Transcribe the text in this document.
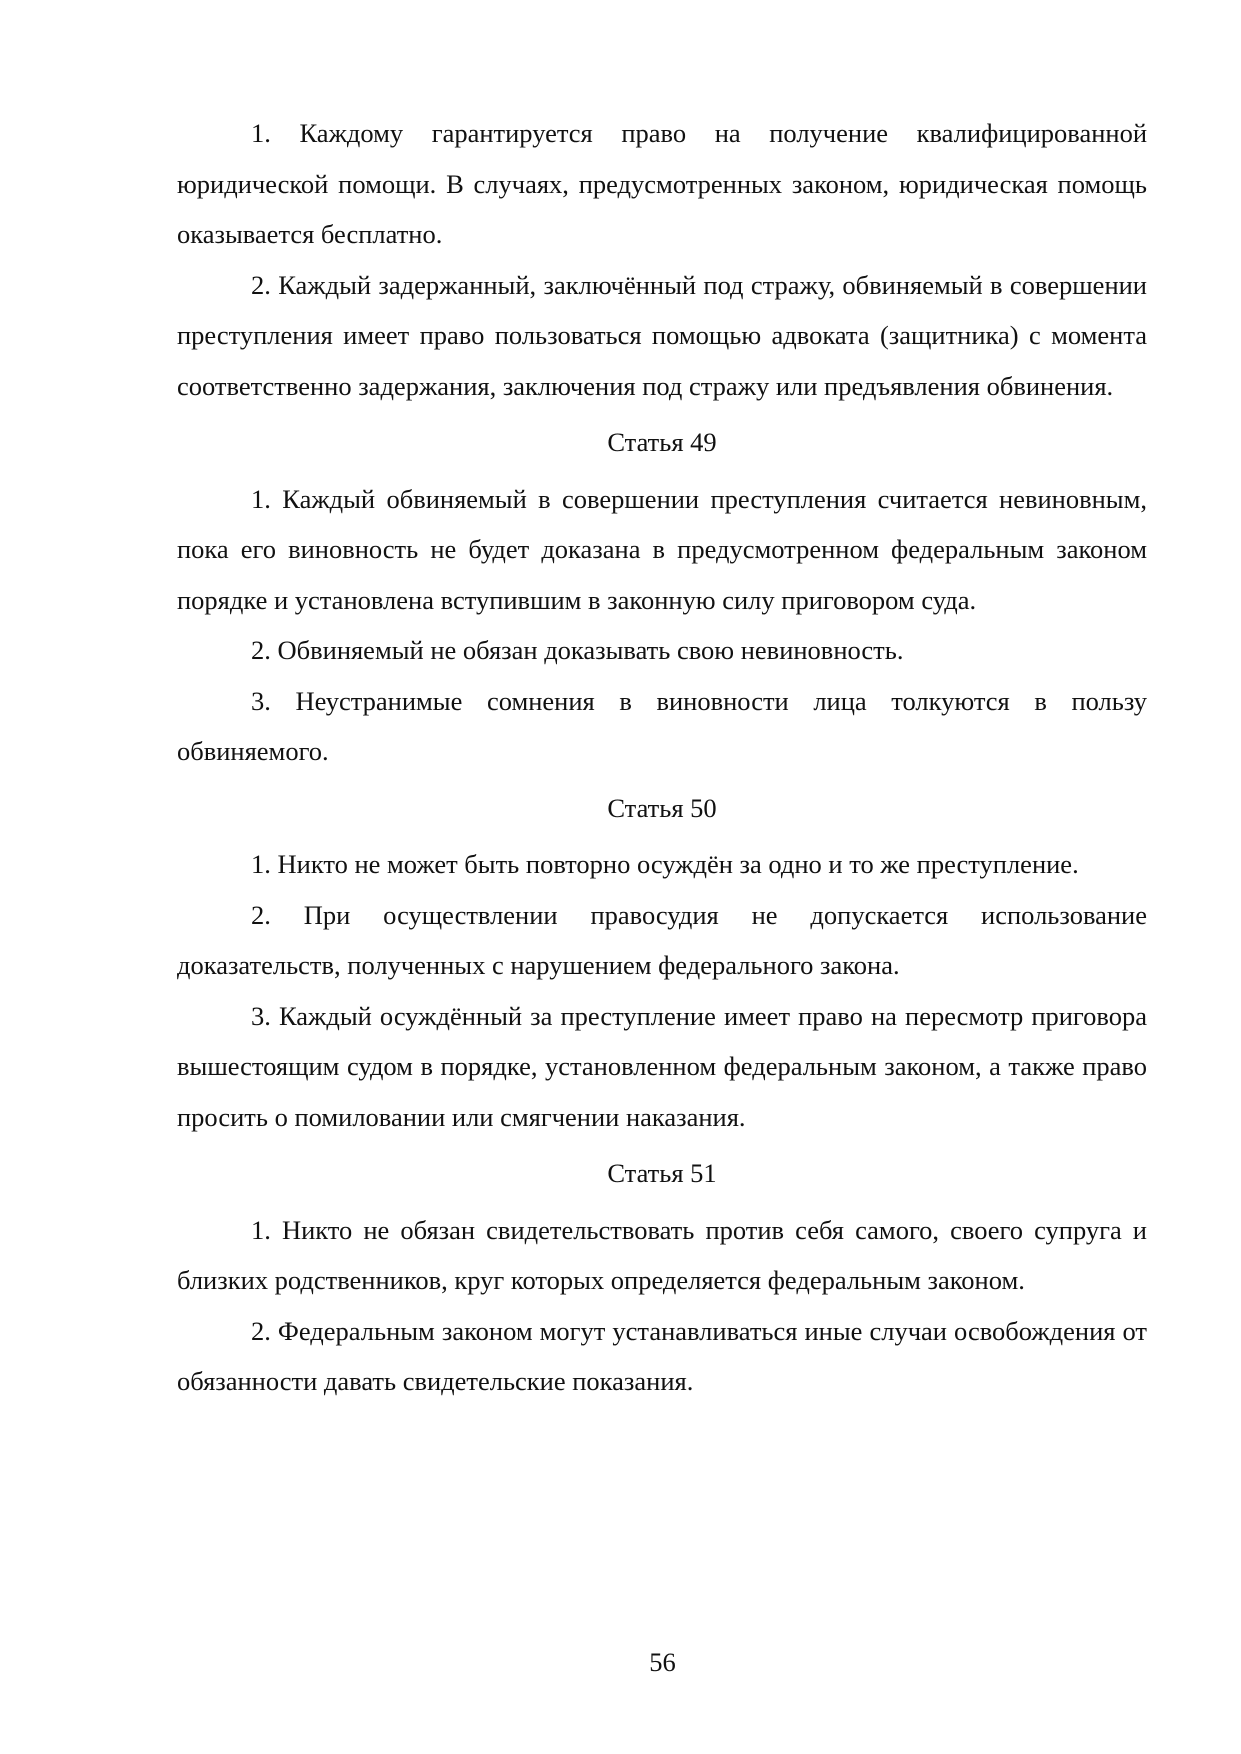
1. Каждому гарантируется право на получение квалифицированной юридической помощи. В случаях, предусмотренных законом, юридическая помощь оказывается бесплатно.

2. Каждый задержанный, заключённый под стражу, обвиняемый в совершении преступления имеет право пользоваться помощью адвоката (защитника) с момента соответственно задержания, заключения под стражу или предъявления обвинения.

Статья 49

1. Каждый обвиняемый в совершении преступления считается невиновным, пока его виновность не будет доказана в предусмотренном федеральным законом порядке и установлена вступившим в законную силу приговором суда.

2. Обвиняемый не обязан доказывать свою невиновность.

3. Неустранимые сомнения в виновности лица толкуются в пользу обвиняемого.

Статья 50

1. Никто не может быть повторно осуждён за одно и то же преступление.

2. При осуществлении правосудия не допускается использование доказательств, полученных с нарушением федерального закона.

3. Каждый осуждённый за преступление имеет право на пересмотр приговора вышестоящим судом в порядке, установленном федеральным законом, а также право просить о помиловании или смягчении наказания.

Статья 51

1. Никто не обязан свидетельствовать против себя самого, своего супруга и близких родственников, круг которых определяется федеральным законом.

2. Федеральным законом могут устанавливаться иные случаи освобождения от обязанности давать свидетельские показания.

56
